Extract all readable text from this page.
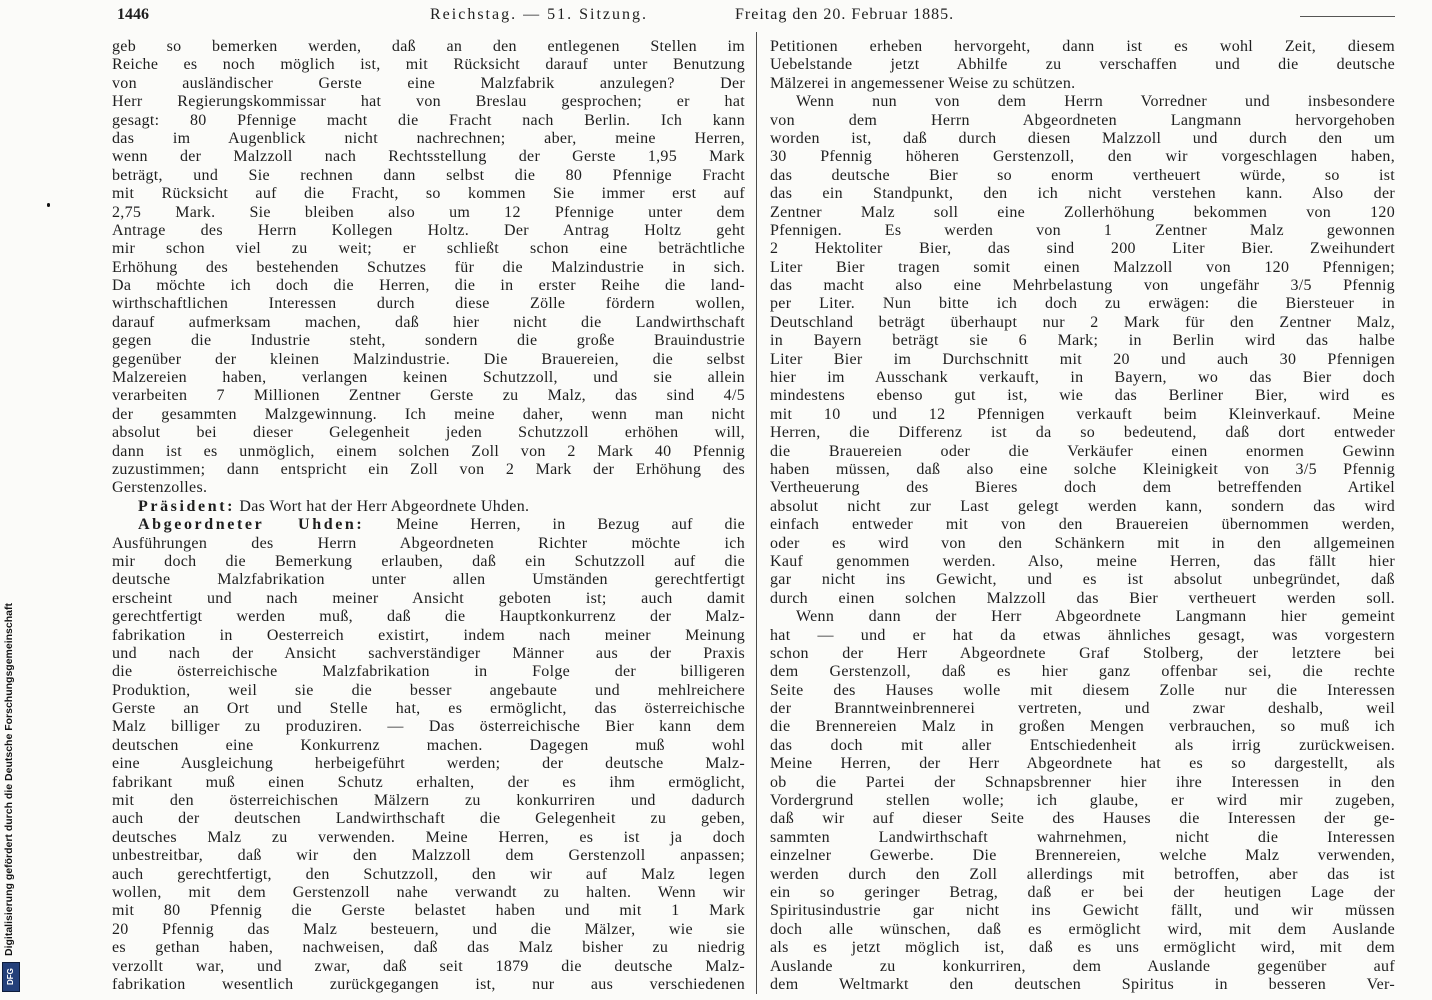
1446	Reichstag. — 51. Sitzung.	Freitag den 20. Februar 1885.
geb so bemerken werden, daß an den entlegenen Stellen im
Reiche es noch möglich ist, mit Rücksicht darauf unter Benutzung
von ausländischer Gerste eine Malzfabrik anzulegen? Der
Herr Regierungskommissar hat von Breslau gesprochen; er hat
gesagt: 80 Pfennige macht die Fracht nach Berlin. Ich kann
das im Augenblick nicht nachrechnen; aber, meine Herren,
wenn der Malzzoll nach Rechtsstellung der Gerste 1,95 Mark
beträgt, und Sie rechnen dann selbst die 80 Pfennige Fracht
mit Rücksicht auf die Fracht, so kommen Sie immer erst auf
2,75 Mark. Sie bleiben also um 12 Pfennige unter dem
Antrage des Herrn Kollegen Holtz. Der Antrag Holtz geht
mir schon viel zu weit; er schließt schon eine beträchtliche
Erhöhung des bestehenden Schutzes für die Malzindustrie in sich.
Da möchte ich doch die Herren, die in erster Reihe die land-
wirthschaftlichen Interessen durch diese Zölle fördern wollen,
darauf aufmerksam machen, daß hier nicht die Landwirthschaft
gegen die Industrie steht, sondern die große Brauindustrie
gegenüber der kleinen Malzindustrie. Die Brauereien, die selbst
Malzereien haben, verlangen keinen Schutzzoll, und sie allein
verarbeiten 7 Millionen Zentner Gerste zu Malz, das sind 4/5
der gesammten Malzgewinnung. Ich meine daher, wenn man nicht
absolut bei dieser Gelegenheit jeden Schutzzoll erhöhen will,
dann ist es unmöglich, einem solchen Zoll von 2 Mark 40 Pfennig
zuzustimmen; dann entspricht ein Zoll von 2 Mark der Erhöhung des
Gerstenzolles.
Präsident: Das Wort hat der Herr Abgeordnete Uhden.
Abgeordneter Uhden: Meine Herren, in Bezug auf die
Ausführungen des Herrn Abgeordneten Richter möchte ich
mir doch die Bemerkung erlauben, daß ein Schutzzoll auf die
deutsche Malzfabrikation unter allen Umständen gerechtfertigt
erscheint und nach meiner Ansicht geboten ist; auch damit
gerechtfertigt werden muß, daß die Hauptkonkurrenz der Malz-
fabrikation in Oesterreich existirt, indem nach meiner Meinung
und nach der Ansicht sachverständiger Männer aus der Praxis
die österreichische Malzfabrikation in Folge der billigeren
Produktion, weil sie die besser angebaute und mehlreichere
Gerste an Ort und Stelle hat, es ermöglicht, das österreichische
Malz billiger zu produziren. — Das österreichische Bier kann dem
deutschen eine Konkurrenz machen. Dagegen muß wohl
eine Ausgleichung herbeigeführt werden; der deutsche Malz-
fabrikant muß einen Schutz erhalten, der es ihm ermöglicht,
mit den österreichischen Mälzern zu konkurriren und dadurch
auch der deutschen Landwirthschaft die Gelegenheit zu geben,
deutsches Malz zu verwenden. Meine Herren, es ist ja doch
unbestreitbar, daß wir den Malzzoll dem Gerstenzoll anpassen;
auch gerechtfertigt, den Schutzzoll, den wir auf Malz legen
wollen, mit dem Gerstenzoll nahe verwandt zu halten. Wenn wir
mit 80 Pfennig die Gerste belastet haben und mit 1 Mark
20 Pfennig das Malz besteuern, und die Mälzer, wie sie
es gethan haben, nachweisen, daß das Malz bisher zu niedrig
verzollt war, und zwar, daß seit 1879 die deutsche Malz-
fabrikation wesentlich zurückgegangen ist, nur aus verschiedenen
Petitionen erheben hervorgeht, dann ist es wohl Zeit, diesem
Uebelstande jetzt Abhilfe zu verschaffen und die deutsche
Mälzerei in angemessener Weise zu schützen.
Wenn nun von dem Herrn Vorredner und insbesondere
von dem Herrn Abgeordneten Langmann hervorgehoben
worden ist, daß durch diesen Malzzoll und durch den um
30 Pfennig höheren Gerstenzoll, den wir vorgeschlagen haben,
das deutsche Bier so enorm vertheuert würde, so ist
das ein Standpunkt, den ich nicht verstehen kann. Also der
Zentner Malz soll eine Zollerhöhung bekommen von 120
Pfennigen. Es werden von 1 Zentner Malz gewonnen
2 Hektoliter Bier, das sind 200 Liter Bier. Zweihundert
Liter Bier tragen somit einen Malzzoll von 120 Pfennigen;
das macht also eine Mehrbelastung von ungefähr 3/5 Pfennig
per Liter. Nun bitte ich doch zu erwägen: die Biersteuer in
Deutschland beträgt überhaupt nur 2 Mark für den Zentner Malz,
in Bayern beträgt sie 6 Mark; in Berlin wird das halbe
Liter Bier im Durchschnitt mit 20 und auch 30 Pfennigen
hier im Ausschank verkauft, in Bayern, wo das Bier doch
mindestens ebenso gut ist, wie das Berliner Bier, wird es
mit 10 und 12 Pfennigen verkauft beim Kleinverkauf. Meine
Herren, die Differenz ist da so bedeutend, daß dort entweder
die Brauereien oder die Verkäufer einen enormen Gewinn
haben müssen, daß also eine solche Kleinigkeit von 3/5 Pfennig
Vertheuerung des Bieres doch dem betreffenden Artikel
absolut nicht zur Last gelegt werden kann, sondern das wird
einfach entweder mit von den Brauereien übernommen werden,
oder es wird von den Schänkern mit in den allgemeinen
Kauf genommen werden. Also, meine Herren, das fällt hier
gar nicht ins Gewicht, und es ist absolut unbegründet, daß
durch einen solchen Malzzoll das Bier vertheuert werden soll.
Wenn dann der Herr Abgeordnete Langmann hier gemeint
hat — und er hat da etwas ähnliches gesagt, was vorgestern
schon der Herr Abgeordnete Graf Stolberg, der letztere bei
dem Gerstenzoll, daß es hier ganz offenbar sei, die rechte
Seite des Hauses wolle mit diesem Zolle nur die Interessen
der Branntweinbrennerei vertreten, und zwar deshalb, weil
die Brennereien Malz in großen Mengen verbrauchen, so muß ich
das doch mit aller Entschiedenheit als irrig zurückweisen.
Meine Herren, der Herr Abgeordnete hat es so dargestellt, als
ob die Partei der Schnapsbrenner hier ihre Interessen in den
Vordergrund stellen wolle; ich glaube, er wird mir zugeben,
daß wir auf dieser Seite des Hauses die Interessen der ge-
sammten Landwirthschaft wahrnehmen, nicht die Interessen
einzelner Gewerbe. Die Brennereien, welche Malz verwenden,
werden durch den Zoll allerdings mit betroffen, aber das ist
ein so geringer Betrag, daß er bei der heutigen Lage der
Spiritusindustrie gar nicht ins Gewicht fällt, und wir müssen
doch alle wünschen, daß es ermöglicht wird, mit dem Auslande
als es jetzt möglich ist, daß es uns ermöglicht wird, mit dem
Auslande zu konkurriren, dem Auslande gegenüber auf
dem Weltmarkt den deutschen Spiritus in besseren Ver-
Digitalisierung gefördert durch die Deutsche Forschungsgemeinschaft
DFG
